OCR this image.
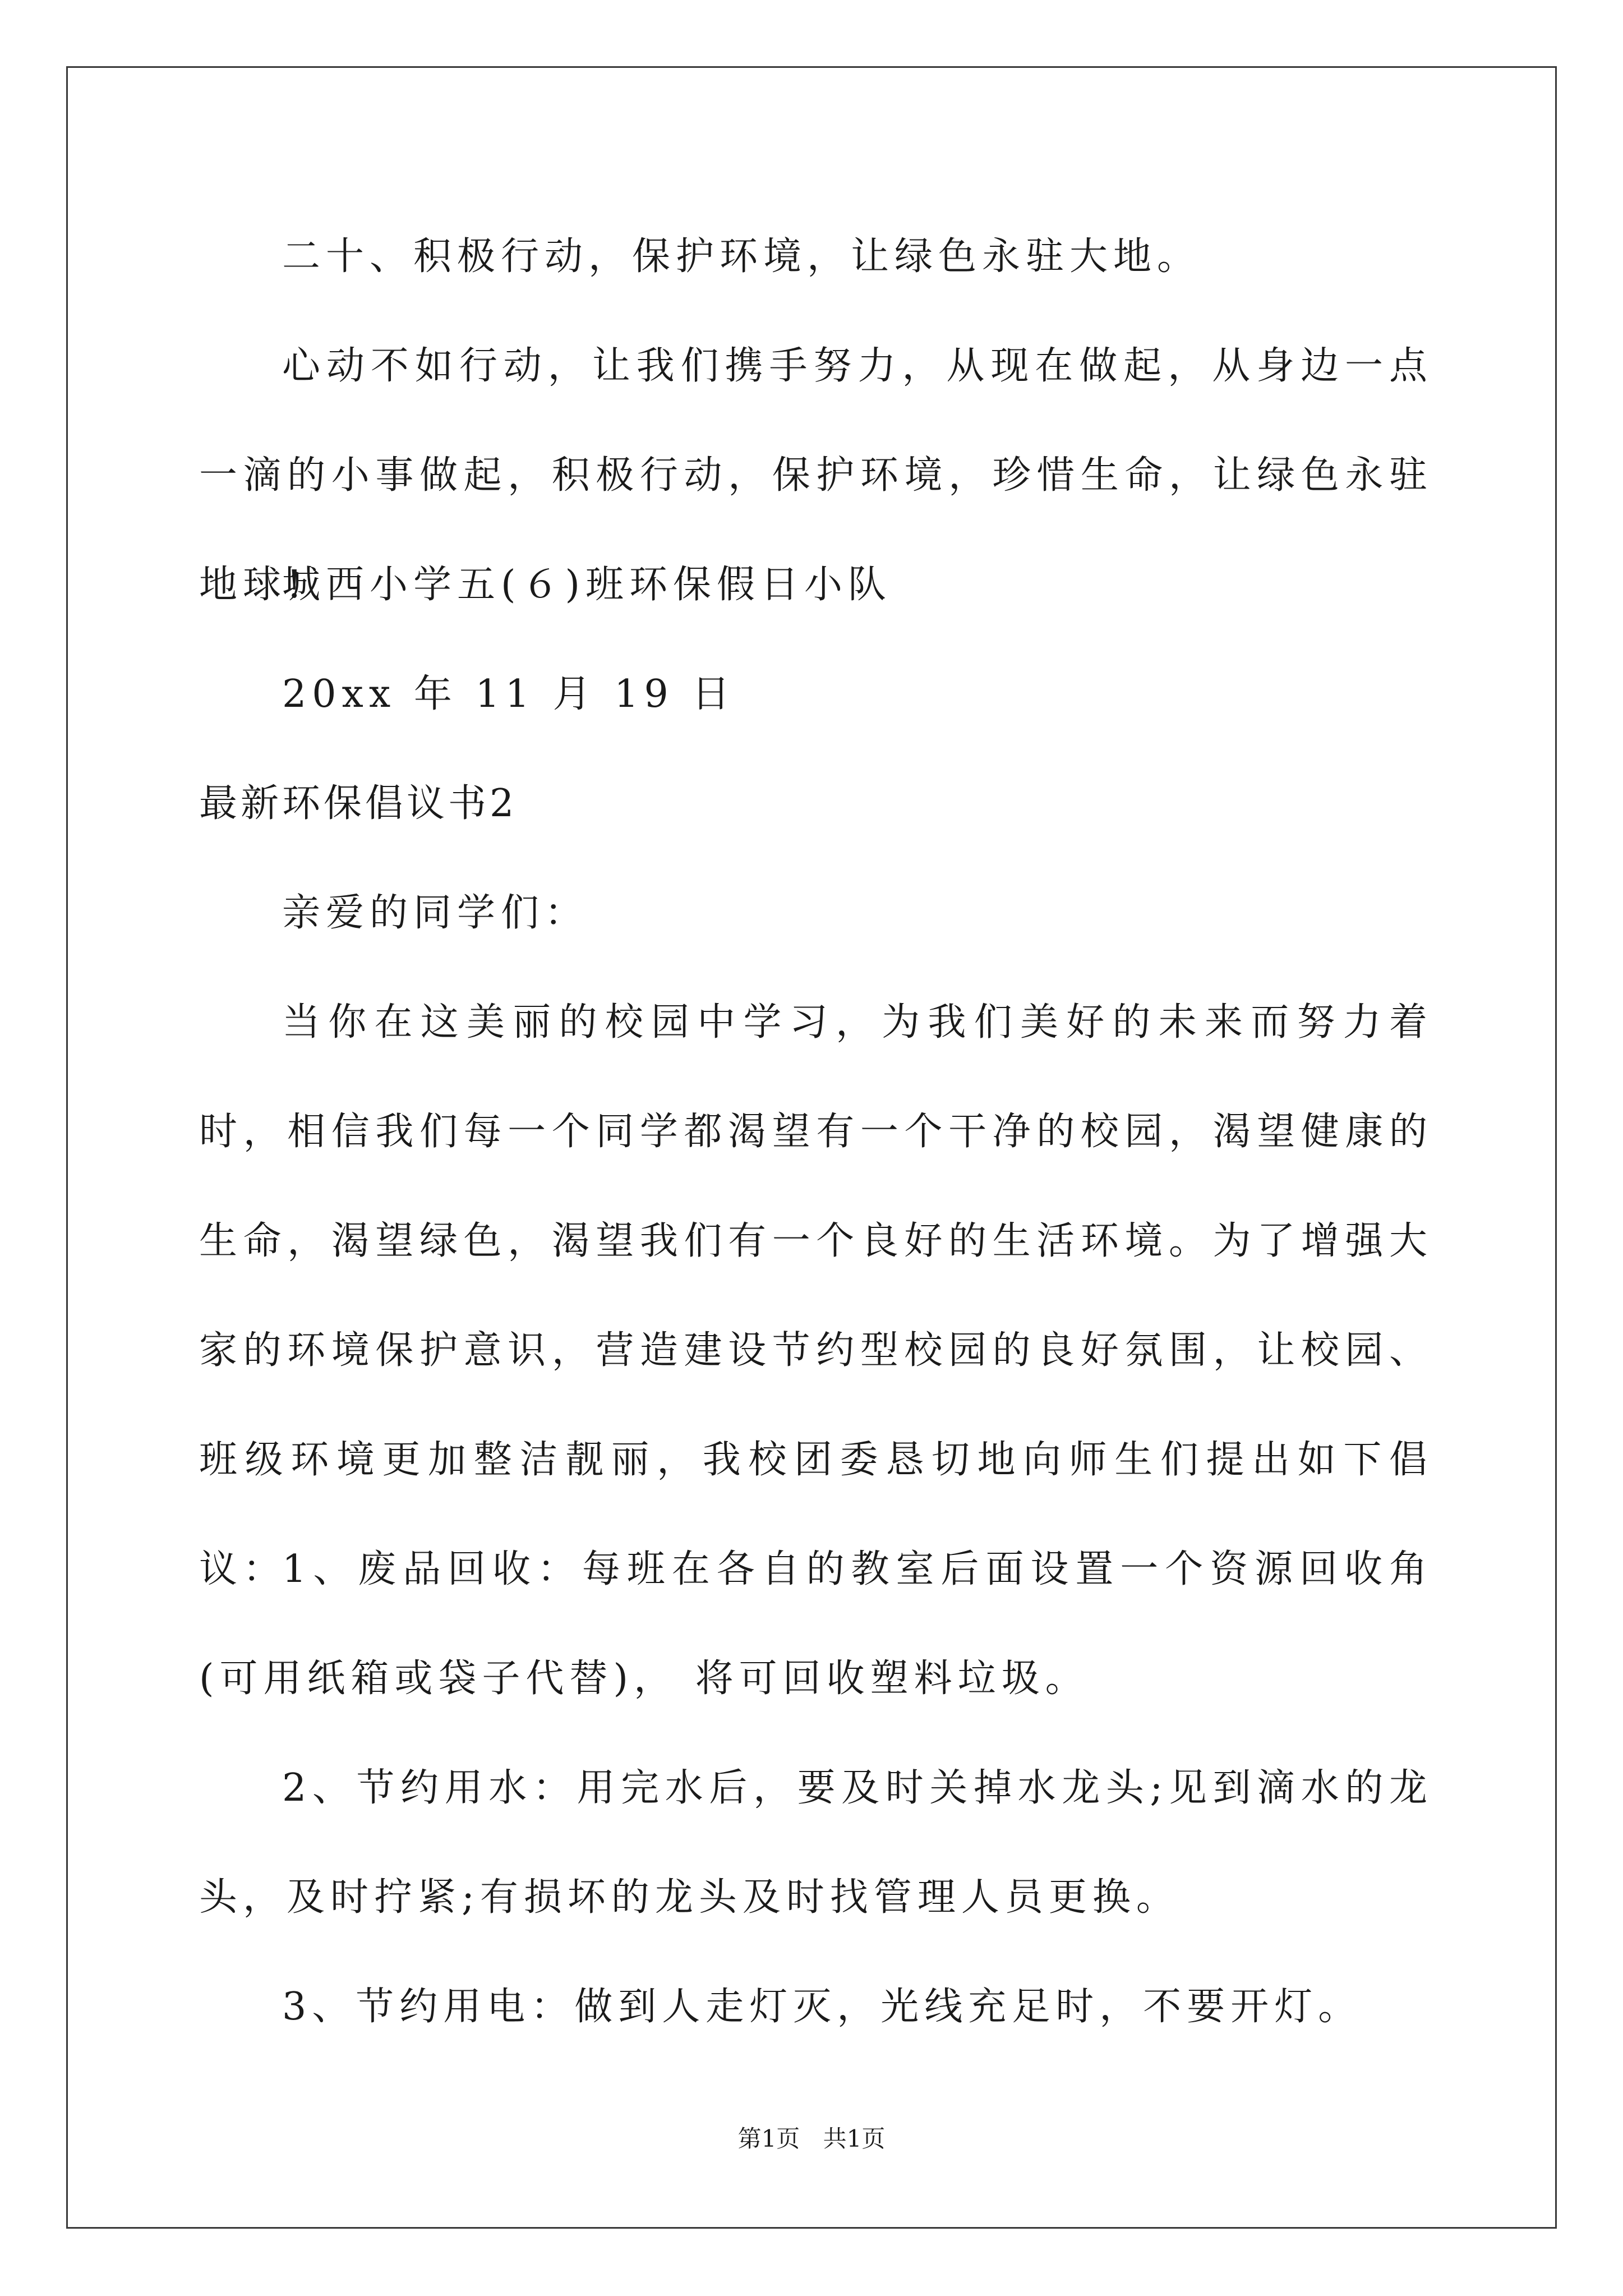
二十、积极行动，保护环境，让绿色永驻大地。

心动不如行动，让我们携手努力，从现在做起，从身边一点一滴的小事做起，积极行动，保护环境，珍惜生命，让绿色永驻地球!

城西小学五(６)班环保假日小队

20xx 年 11 月 19 日

最新环保倡议书2

亲爱的同学们：

当你在这美丽的校园中学习，为我们美好的未来而努力着时，相信我们每一个同学都渴望有一个干净的校园，渴望健康的生命，渴望绿色，渴望我们有一个良好的生活环境。为了增强大家的环境保护意识，营造建设节约型校园的良好氛围，让校园、班级环境更加整洁靓丽，我校团委恳切地向师生们提出如下倡议：

1、废品回收：每班在各自的教室后面设置一个资源回收角(可用纸箱或袋子代替)， 将可回收塑料垃圾。

2、节约用水：用完水后，要及时关掉水龙头;见到滴水的龙头，及时拧紧;有损坏的龙头及时找管理人员更换。

3、节约用电：做到人走灯灭，光线充足时，不要开灯。

第1页 共1页
